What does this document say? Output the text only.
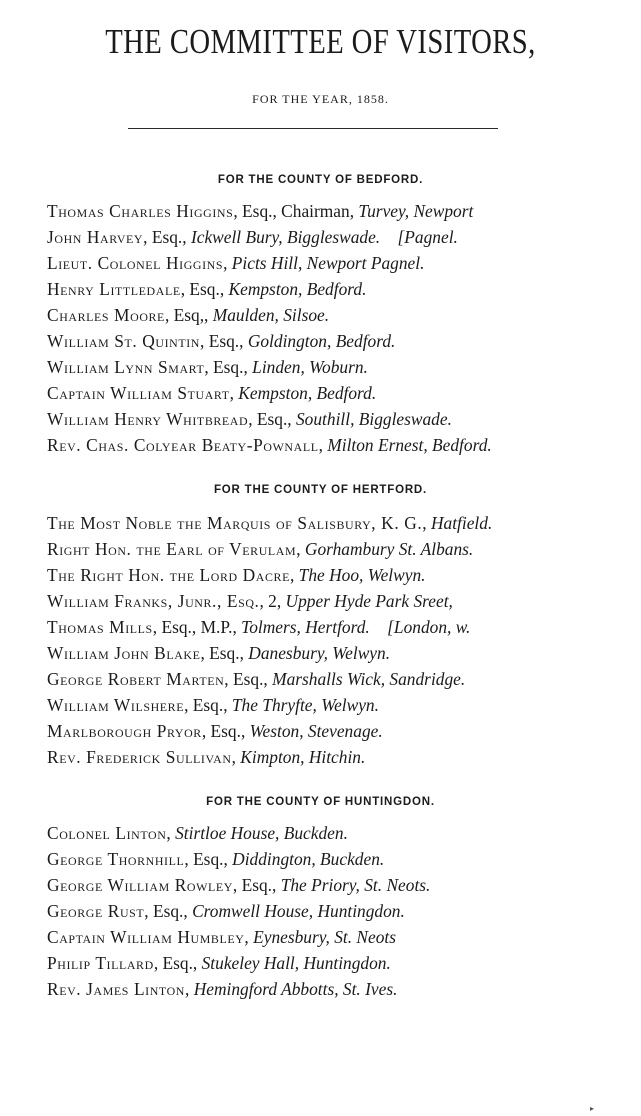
THE COMMITTEE OF VISITORS,
FOR THE YEAR, 1858.
FOR THE COUNTY OF BEDFORD.
Thomas Charles Higgins, Esq., Chairman, Turvey, Newport
John Harvey, Esq., Ickwell Bury, Biggleswade.  [Pagnel.
Lieut. Colonel Higgins, Picts Hill, Newport Pagnel.
Henry Littledale, Esq., Kempston, Bedford.
Charles Moore, Esq,, Maulden, Silsoe.
William St. Quintin, Esq., Goldington, Bedford.
William Lynn Smart, Esq., Linden, Woburn.
Captain William Stuart, Kempston, Bedford.
William Henry Whitbread, Esq., Southill, Biggleswade.
Rev. Chas. Colyear Beaty-Pownall, Milton Ernest, Bedford.
FOR THE COUNTY OF HERTFORD.
The Most Noble the Marquis of Salisbury, K. G., Hatfield.
Right Hon. the Earl of Verulam, Gorhambury St. Albans.
The Right Hon. the Lord Dacre, The Hoo, Welwyn.
William Franks, Junr., Esq., 2, Upper Hyde Park Sreet,
Thomas Mills, Esq., M.P., Tolmers, Hertford.  [London, w.
William John Blake, Esq., Danesbury, Welwyn.
George Robert Marten, Esq., Marshalls Wick, Sandridge.
William Wilshere, Esq., The Thryfte, Welwyn.
Marlborough Pryor, Esq., Weston, Stevenage.
Rev. Frederick Sullivan, Kimpton, Hitchin.
FOR THE COUNTY OF HUNTINGDON.
Colonel Linton, Stirtloe House, Buckden.
George Thornhill, Esq., Diddington, Buckden.
George William Rowley, Esq., The Priory, St. Neots.
George Rust, Esq., Cromwell House, Huntingdon.
Captain William Humbley, Eynesbury, St. Neots
Philip Tillard, Esq., Stukeley Hall, Huntingdon.
Rev. James Linton, Hemingford Abbotts, St. Ives.
▸
